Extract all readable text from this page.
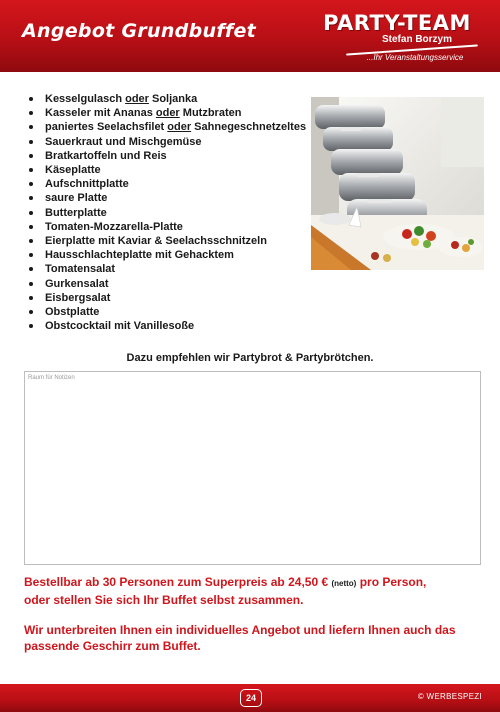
Angebot Grundbuffet	PARTY-TEAM
Stefan Borzym
...Ihr Veranstaltungsservice
Kesselgulasch oder Soljanka
Kasseler mit Ananas oder Mutzbraten
paniertes Seelachsfilet oder Sahnegeschnetzeltes
Sauerkraut und Mischgemüse
Bratkartoffeln und Reis
Käseplatte
Aufschnittplatte
saure Platte
Butterplatte
Tomaten-Mozzarella-Platte
Eierplatte mit Kaviar & Seelachsschnitzeln
Hausschlachteplatte mit Gehacktem
Tomatensalat
Gurkensalat
Eisbergsalat
Obstplatte
Obstcocktail mit Vanillesoße
Dazu empfehlen wir Partybrot & Partybrötchen.
Raum für Notizen
Bestellbar ab 30 Personen zum Superpreis ab 24,50 € (netto) pro Person,
oder stellen Sie sich Ihr Buffet selbst zusammen.
Wir unterbreiten Ihnen ein individuelles Angebot und liefern Ihnen auch das passende Geschirr zum Buffet.
24	© WERBESPEZI
